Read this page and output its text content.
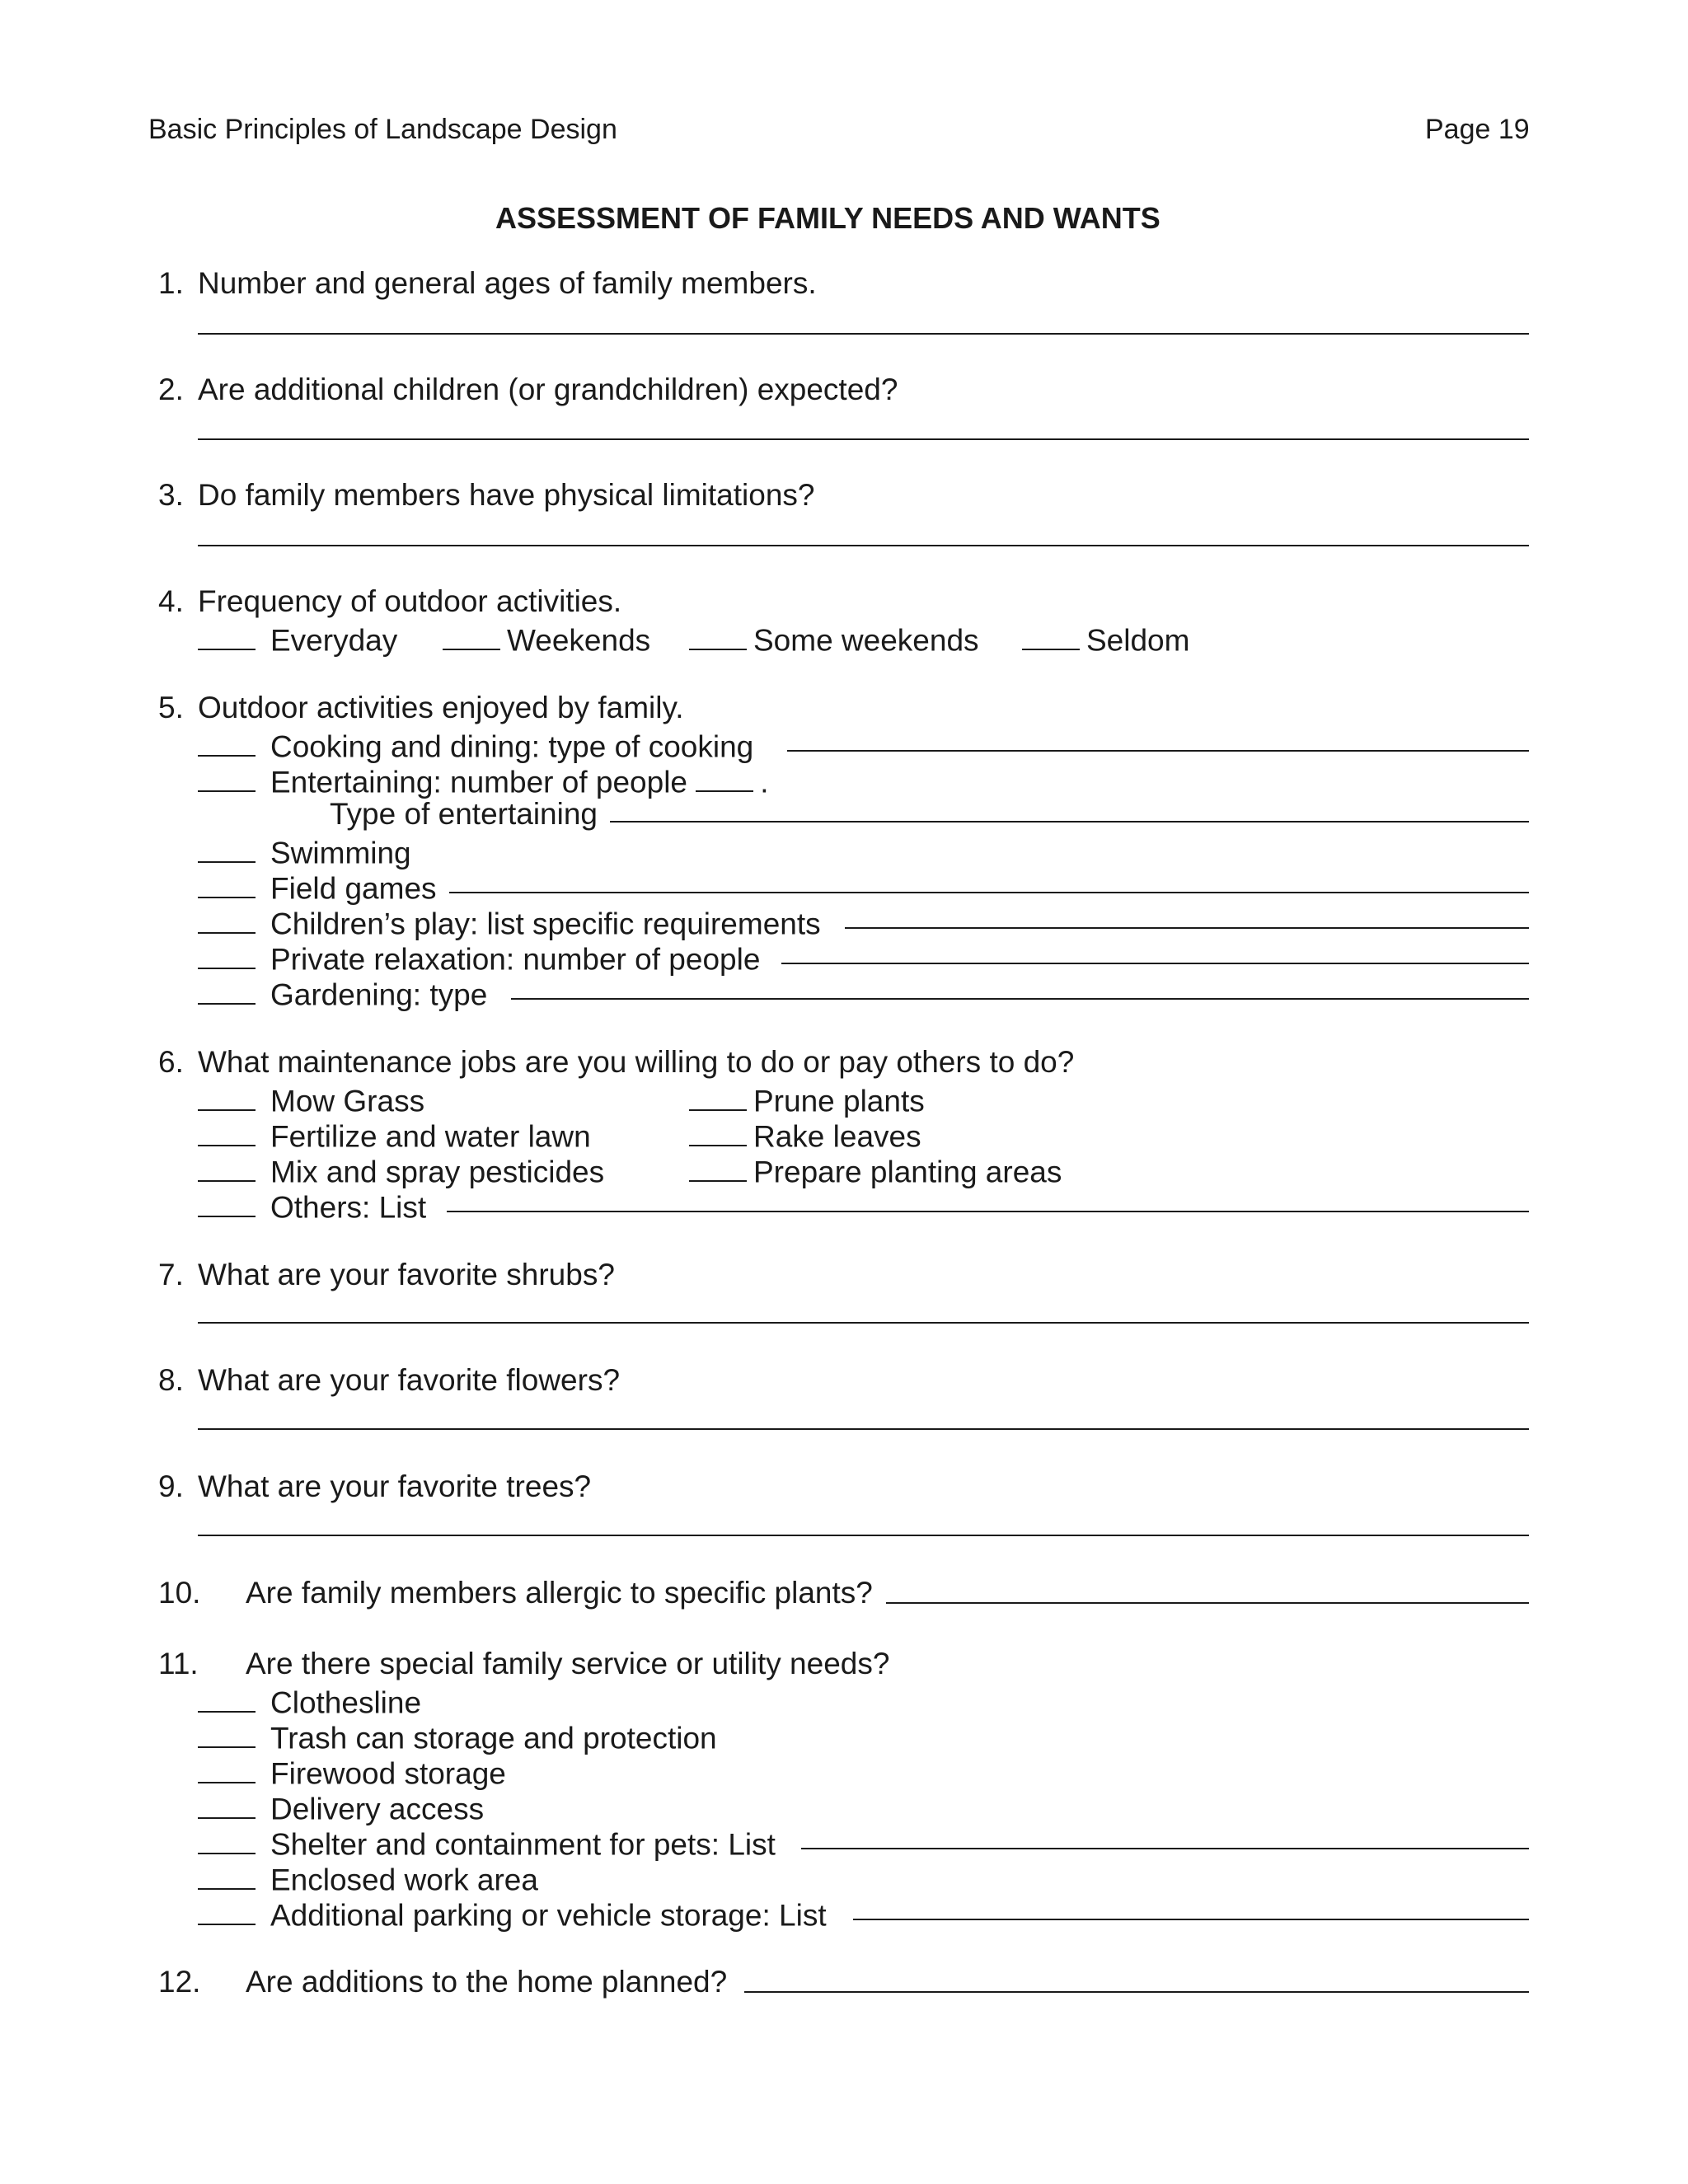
Basic Principles of Landscape Design	Page 19
ASSESSMENT OF FAMILY NEEDS AND WANTS
1. Number and general ages of family members.
2. Are additional children (or grandchildren) expected?
3. Do family members have physical limitations?
4. Frequency of outdoor activities.
Everyday	Weekends	Some weekends	Seldom
5. Outdoor activities enjoyed by family.
Cooking and dining: type of cooking
Entertaining: number of people .
Type of entertaining
Swimming
Field games
Children’s play: list specific requirements
Private relaxation: number of people
Gardening: type
6. What maintenance jobs are you willing to do or pay others to do?
Mow Grass	Prune plants
Fertilize and water lawn	Rake leaves
Mix and spray pesticides	Prepare planting areas
Others: List
7. What are your favorite shrubs?
8. What are your favorite flowers?
9. What are your favorite trees?
10. Are family members allergic to specific plants?
11. Are there special family service or utility needs?
Clothesline
Trash can storage and protection
Firewood storage
Delivery access
Shelter and containment for pets: List
Enclosed work area
Additional parking or vehicle storage: List
12. Are additions to the home planned?
